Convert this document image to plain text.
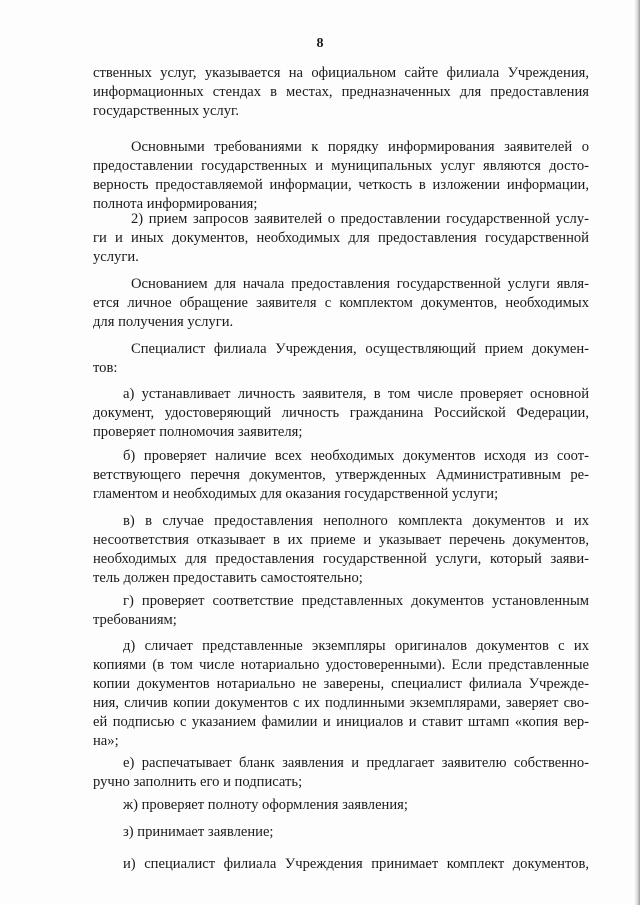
8
ственных услуг, указывается на официальном сайте филиала Учреждения,
информационных стендах в местах, предназначенных для предоставления
государственных услуг.
Основными требованиями к порядку информирования заявителей о
предоставлении государственных и муниципальных услуг являются досто-
верность предоставляемой информации, четкость в изложении информации,
полнота информирования;
2) прием запросов заявителей о предоставлении государственной услу-
ги и иных документов, необходимых для предоставления государственной
услуги.
Основанием для начала предоставления государственной услуги явля-
ется личное обращение заявителя с комплектом документов, необходимых
для получения услуги.
Специалист филиала Учреждения, осуществляющий прием докумен-
тов:
а) устанавливает личность заявителя, в том числе проверяет основной
документ, удостоверяющий личность гражданина Российской Федерации,
проверяет полномочия заявителя;
б) проверяет наличие всех необходимых документов исходя из соот-
ветствующего перечня документов, утвержденных Административным ре-
гламентом и необходимых для оказания государственной услуги;
в) в случае предоставления неполного комплекта документов и их
несоответствия отказывает в их приеме и указывает перечень документов,
необходимых для предоставления государственной услуги, который заяви-
тель должен предоставить самостоятельно;
г) проверяет соответствие представленных документов установленным
требованиям;
д) сличает представленные экземпляры оригиналов документов с их
копиями (в том числе нотариально удостоверенными). Если представленные
копии документов нотариально не заверены, специалист филиала Учрежде-
ния, сличив копии документов с их подлинными экземплярами, заверяет сво-
ей подписью с указанием фамилии и инициалов и ставит штамп «копия вер-
на»;
е) распечатывает бланк заявления и предлагает заявителю собственно-
ручно заполнить его и подписать;
ж) проверяет полноту оформления заявления;
з) принимает заявление;
и) специалист филиала Учреждения принимает комплект документов,
